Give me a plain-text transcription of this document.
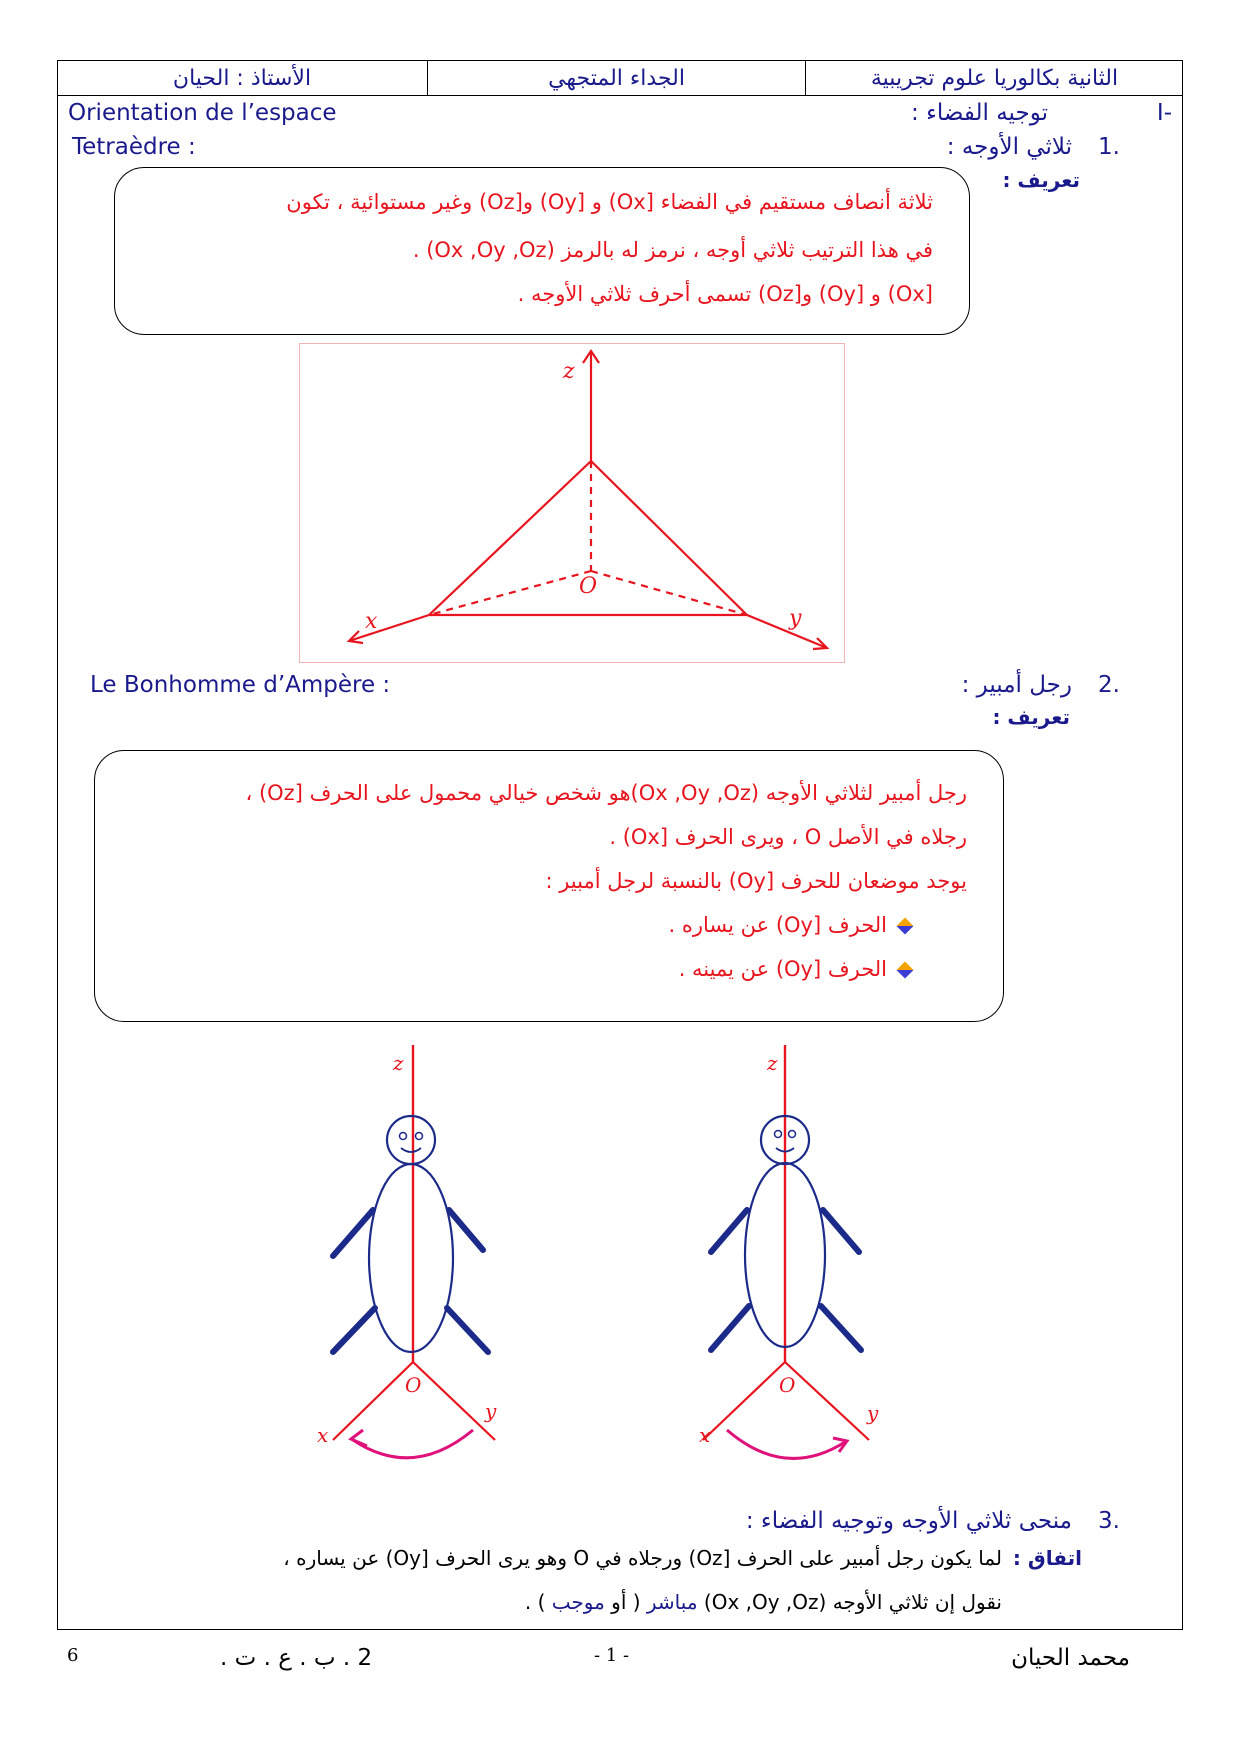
الأستاذ : الحيان	الجداء المتجهي	الثانية بكالوريا علوم تجريبية
I-
توجيه الفضاء :
Orientation de l’espace
1.
ثلاثي الأوجه :
Tetraèdre :
تعريف :
ثلاثة أنصاف مستقيم في الفضاء [Ox) و [Oy) و[Oz) وغير مستوائية ، تكون
في هذا الترتيب ثلاثي أوجه ، نرمز له بالرمز (Ox ,Oy ,Oz) .
[Ox) و [Oy) و[Oz) تسمى أحرف ثلاثي الأوجه .
z
x	y
O
2.
رجل أمبير :
Le Bonhomme d’Ampère :
تعريف :
رجل أمبير لثلاثي الأوجه (Ox ,Oy ,Oz)هو شخص خيالي محمول على الحرف [Oz) ،
رجلاه في الأصل O ، ويرى الحرف [Ox) .
يوجد موضعان للحرف [Oy) بالنسبة لرجل أمبير :
الحرف [Oy) عن يساره .
الحرف [Oy) عن يمينه .
z
x
y
O
z
x
y
O
3.
منحى ثلاثي الأوجه وتوجيه الفضاء :
اتفاق :
لما يكون رجل أمبير على الحرف [Oz) ورجلاه في O وهو يرى الحرف [Oy) عن يساره ،
نقول إن ثلاثي الأوجه (Ox ,Oy ,Oz) مباشر ( أو موجب ) .
محمد الحيان
- 1 -
2 . ب . ع . ت .
6
